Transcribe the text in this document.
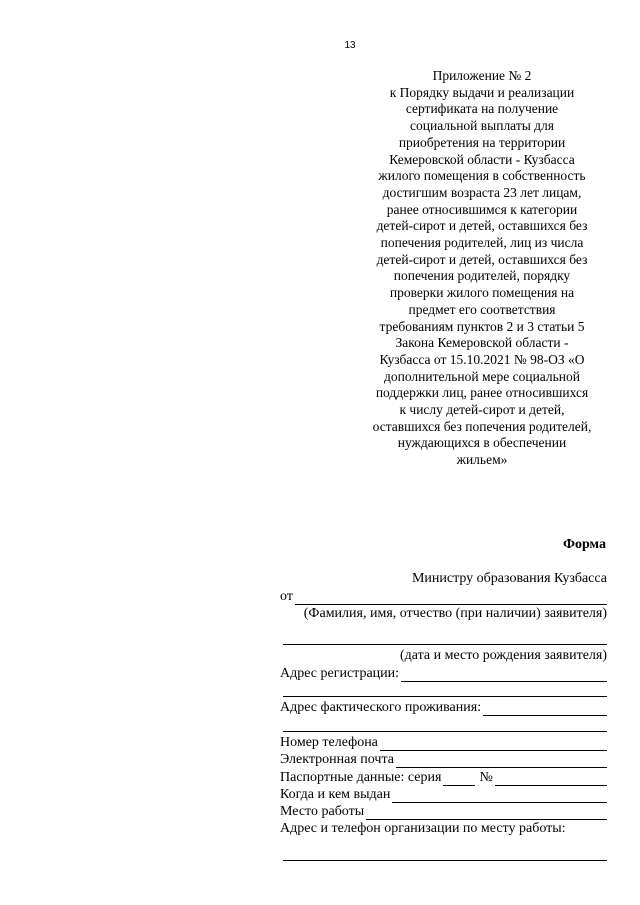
13
Приложение № 2
к Порядку выдачи и реализации
сертификата на получение
социальной выплаты для
приобретения на территории
Кемеровской области - Кузбасса
жилого помещения в собственность
достигшим возраста 23 лет лицам,
ранее относившимся к категории
детей-сирот и детей, оставшихся без
попечения родителей, лиц из числа
детей-сирот и детей, оставшихся без
попечения родителей, порядку
проверки жилого помещения на
предмет его соответствия
требованиям пунктов 2 и 3 статьи 5
Закона Кемеровской области -
Кузбасса от 15.10.2021 № 98-ОЗ «О
дополнительной мере социальной
поддержки лиц, ранее относившихся
к числу детей-сирот и детей,
оставшихся без попечения родителей,
нуждающихся в обеспечении
жильем»
Форма
Министру образования Кузбасса
от
(Фамилия, имя, отчество (при наличии) заявителя)
(дата и место рождения заявителя)
Адрес регистрации:
Адрес фактического проживания:
Номер телефона
Электронная почта
Паспортные данные: серия	№
Когда и кем выдан
Место работы
Адрес и телефон организации по месту работы:
